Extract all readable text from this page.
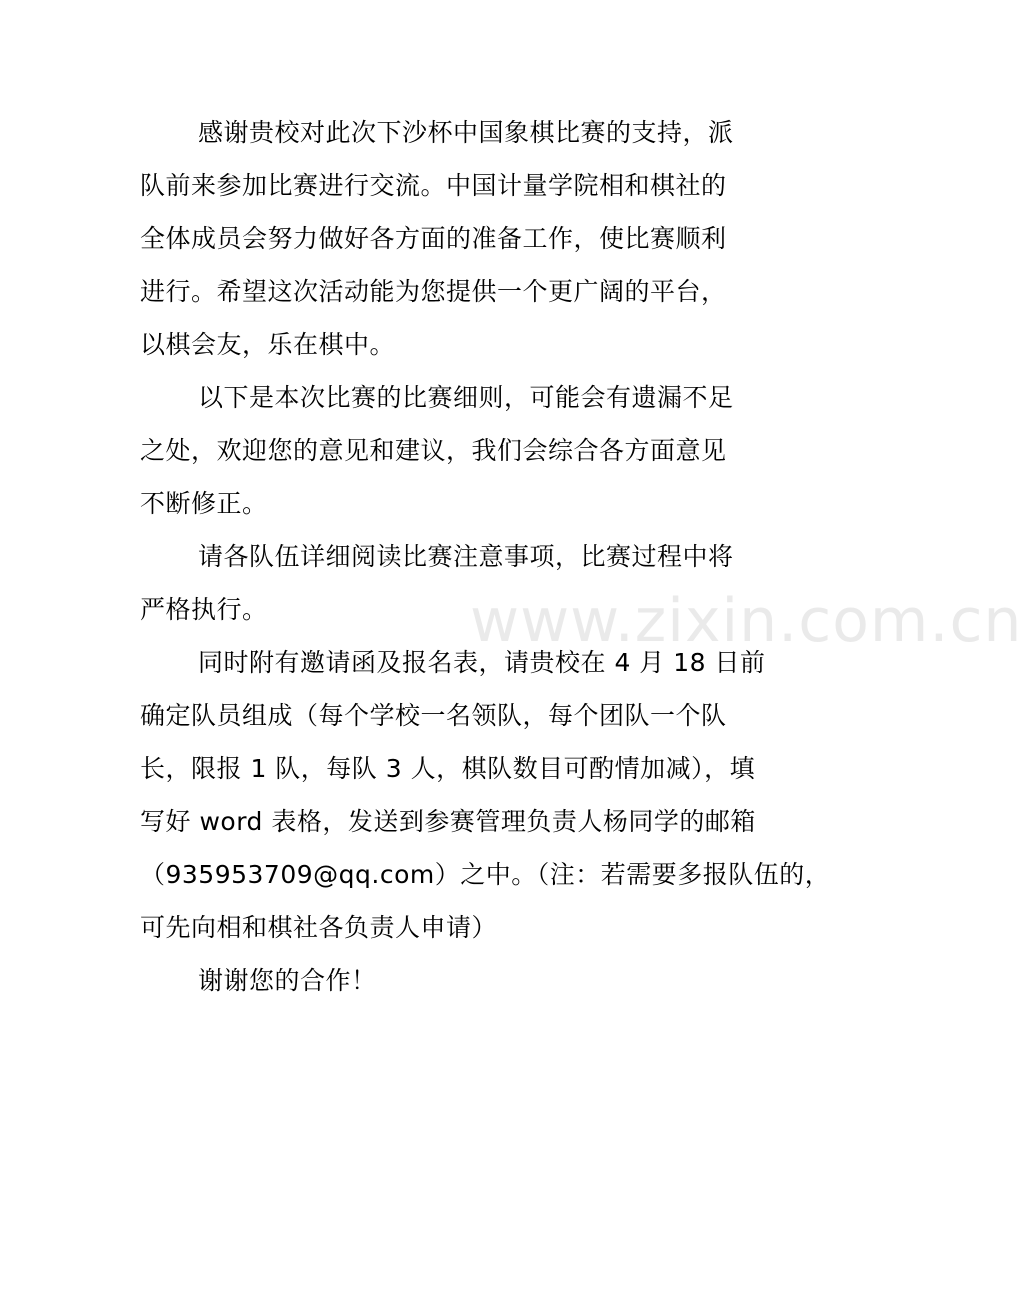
www.zixin.com.cn

感谢贵校对此次下沙杯中国象棋比赛的支持，派
队前来参加比赛进行交流。中国计量学院相和棋社的
全体成员会努力做好各方面的准备工作，使比赛顺利
进行。希望这次活动能为您提供一个更广阔的平台，
以棋会友，乐在棋中。

以下是本次比赛的比赛细则，可能会有遗漏不足
之处，欢迎您的意见和建议，我们会综合各方面意见
不断修正。

请各队伍详细阅读比赛注意事项，比赛过程中将
严格执行。

同时附有邀请函及报名表，请贵校在 4 月 18 日前
确定队员组成（每个学校一名领队，每个团队一个队
长，限报 1 队，每队 3 人，棋队数目可酌情加减），填
写好 word 表格，发送到参赛管理负责人杨同学的邮箱
（935953709@qq.com）之中。（注：若需要多报队伍的，
可先向相和棋社各负责人申请）

谢谢您的合作！
